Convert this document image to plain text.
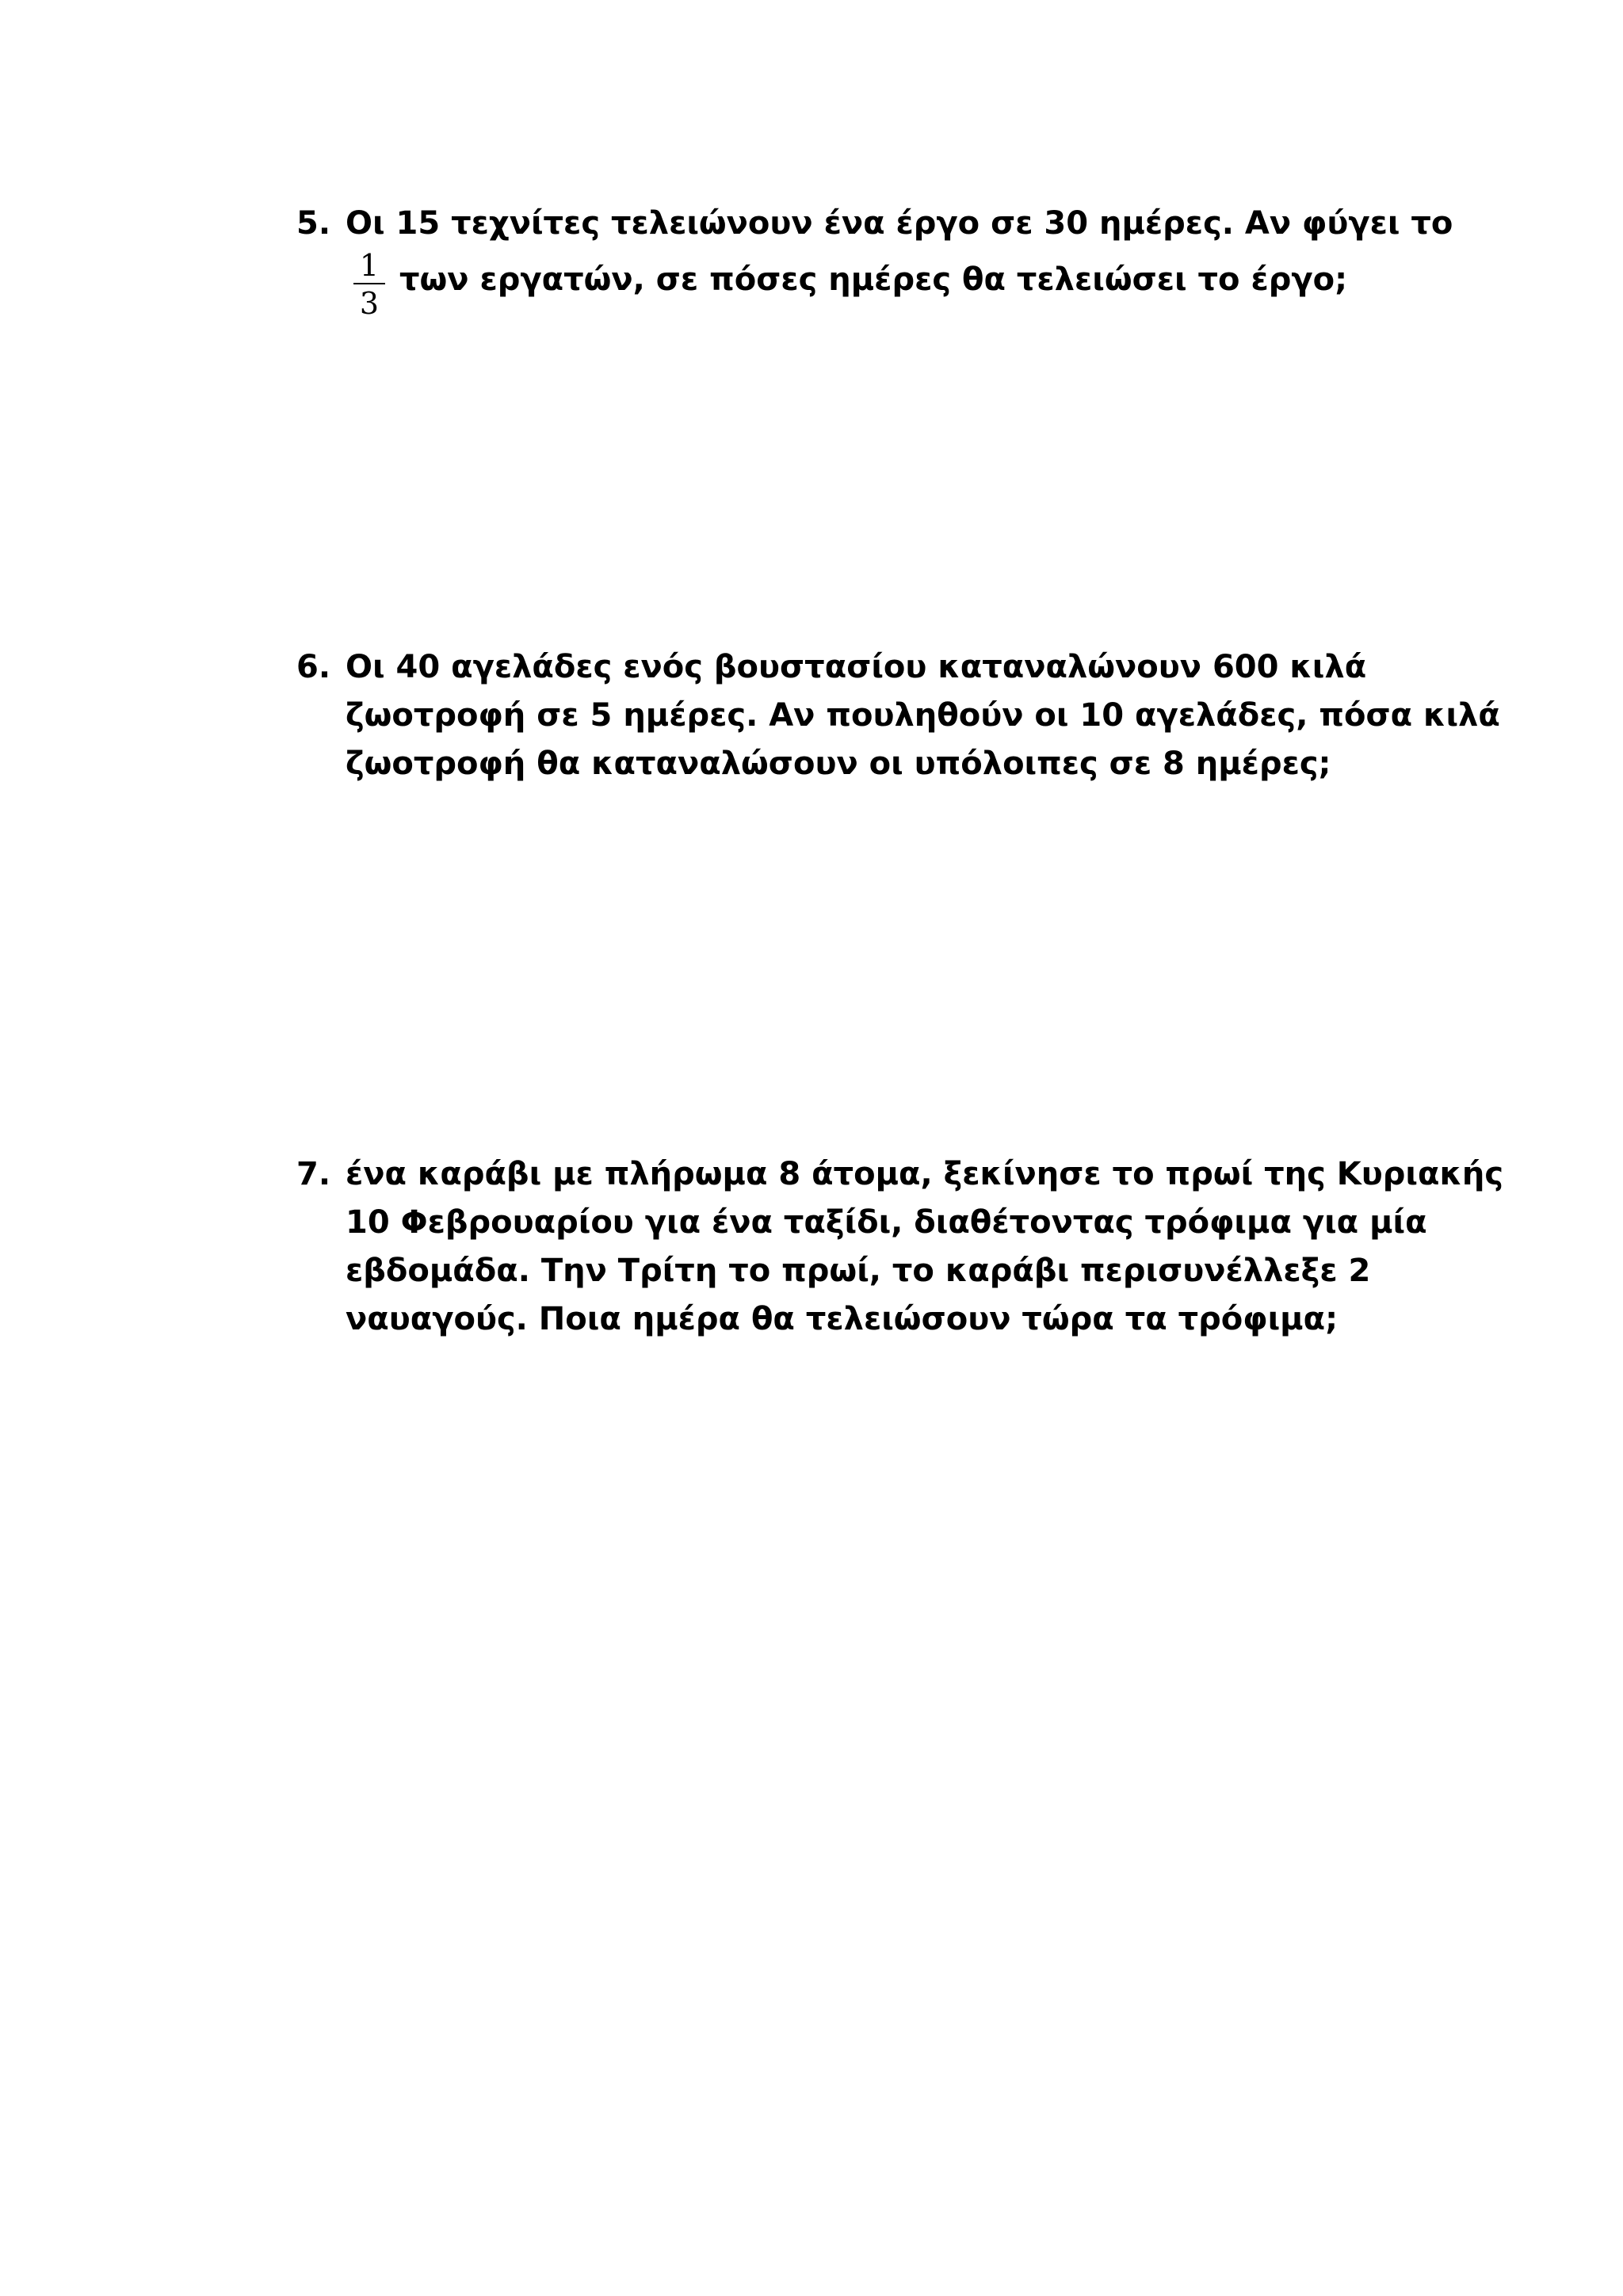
5. Οι 15 τεχνίτες τελειώνουν ένα έργο σε 30 ημέρες. Αν φύγει το
1
3
των εργατών, σε πόσες ημέρες θα τελειώσει το έργο;
6. Οι 40 αγελάδες ενός βουστασίου καταναλώνουν 600 κιλά
ζωοτροφή σε 5 ημέρες. Αν πουληθούν οι 10 αγελάδες, πόσα κιλά
ζωοτροφή θα καταναλώσουν οι υπόλοιπες σε 8 ημέρες;
7. ένα καράβι με πλήρωμα 8 άτομα, ξεκίνησε το πρωί της Κυριακής
10 Φεβρουαρίου για ένα ταξίδι, διαθέτοντας τρόφιμα για μία
εβδομάδα. Την Τρίτη το πρωί, το καράβι περισυνέλλεξε 2
ναυαγούς. Ποια ημέρα θα τελειώσουν τώρα τα τρόφιμα;
